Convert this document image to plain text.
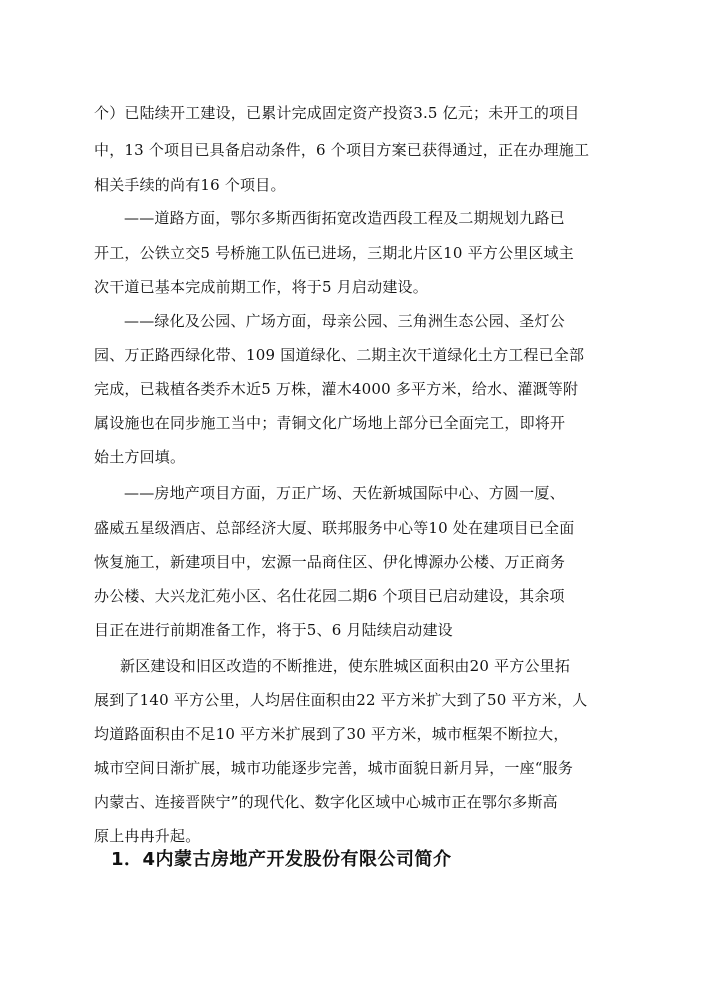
个）已陆续开工建设，已累计完成固定资产投资3.5 亿元；未开工的项目
中，13 个项目已具备启动条件，6 个项目方案已获得通过，正在办理施工
相关手续的尚有16 个项目。
——道路方面，鄂尔多斯西街拓宽改造西段工程及二期规划九路已
开工，公铁立交5 号桥施工队伍已进场，三期北片区10 平方公里区域主
次干道已基本完成前期工作，将于5 月启动建设。
——绿化及公园、广场方面，母亲公园、三角洲生态公园、圣灯公
园、万正路西绿化带、109 国道绿化、二期主次干道绿化土方工程已全部
完成，已栽植各类乔木近5 万株，灌木4000 多平方米，给水、灌溉等附
属设施也在同步施工当中；青铜文化广场地上部分已全面完工，即将开
始土方回填。
——房地产项目方面，万正广场、天佐新城国际中心、方圆一厦、
盛威五星级酒店、总部经济大厦、联邦服务中心等10 处在建项目已全面
恢复施工，新建项目中，宏源一品商住区、伊化博源办公楼、万正商务
办公楼、大兴龙汇苑小区、名仕花园二期6 个项目已启动建设，其余项
目正在进行前期准备工作，将于5、6 月陆续启动建设
新区建设和旧区改造的不断推进，使东胜城区面积由20 平方公里拓
展到了140 平方公里，人均居住面积由22 平方米扩大到了50 平方米，人
均道路面积由不足10 平方米扩展到了30 平方米，城市框架不断拉大，
城市空间日渐扩展，城市功能逐步完善，城市面貌日新月异，一座“服务
内蒙古、连接晋陕宁”的现代化、数字化区域中心城市正在鄂尔多斯高
原上冉冉升起。
1．4内蒙古房地产开发股份有限公司简介
